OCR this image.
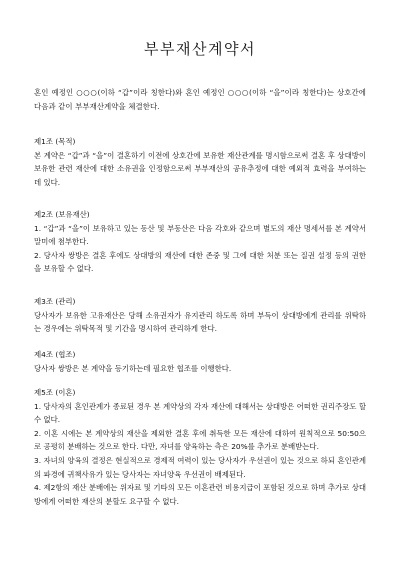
부부재산계약서
혼인 예정인 ○○○(이하 “갑”이라 칭한다)와 혼인 예정인 ○○○(이하 “을”이라 칭한다)는 상호간에 다음과 같이 부부재산계약을 체결한다.

제1조 (목적)

본 계약은 “갑”과 “을”이 결혼하기 이전에 상호간에 보유한 재산관계를 명시함으로써 결혼 후 상대방이 보유한 관련 재산에 대한 소유권을 인정함으로써 부부재산의 공유추정에 대한 예외적 효력을 부여하는데 있다.

제2조 (보유재산)

1. “갑”과 “을”이 보유하고 있는 동산 및 부동산은 다음 각호와 같으며 별도의 재산 명세서를 본 계약서 말미에 첨부한다.

2. 당사자 쌍방은 결혼 후에도 상대방의 재산에 대한 존중 및 그에 대한 처분 또는 질권 설정 등의 권한을 보유할 수 없다.

제3조 (관리)

당사자가 보유한 고유재산은 당해 소유권자가 유지관리 하도록 하며 부득이 상대방에게 관리를 위탁하는 경우에는 위탁목적 및 기간을 명시하여 관리하게 한다.

제4조 (협조)

당사자 쌍방은 본 계약을 등기하는데 필요한 협조를 이행한다.

제5조 (이혼)

1. 당사자의 혼인관계가 종료된 경우 본 계약상의 각자 재산에 대해서는 상대방은 어떠한 권리주장도 할 수 없다.

2. 이혼 시에는 본 계약상의 재산을 제외한 결혼 후에 취득한 모든 재산에 대하여 원칙적으로 50:50으로 공평히 분배하는 것으로 한다. 다만, 자녀를 양육하는 측은 20%를 추가로 분배받는다.

3. 자녀의 양육의 결정은 현실적으로 경제적 여력이 있는 당사자가 우선권이 있는 것으로 하되 혼인관계의 파경에 귀책사유가 있는 당사자는 자녀양육 우선권이 배제된다.

4. 제2항의 재산 분배에는 위자료 및 기타의 모든 이혼관련 비용지급이 포함된 것으로 하며 추가로 상대방에게 어떠한 재산의 분할도 요구할 수 없다.
